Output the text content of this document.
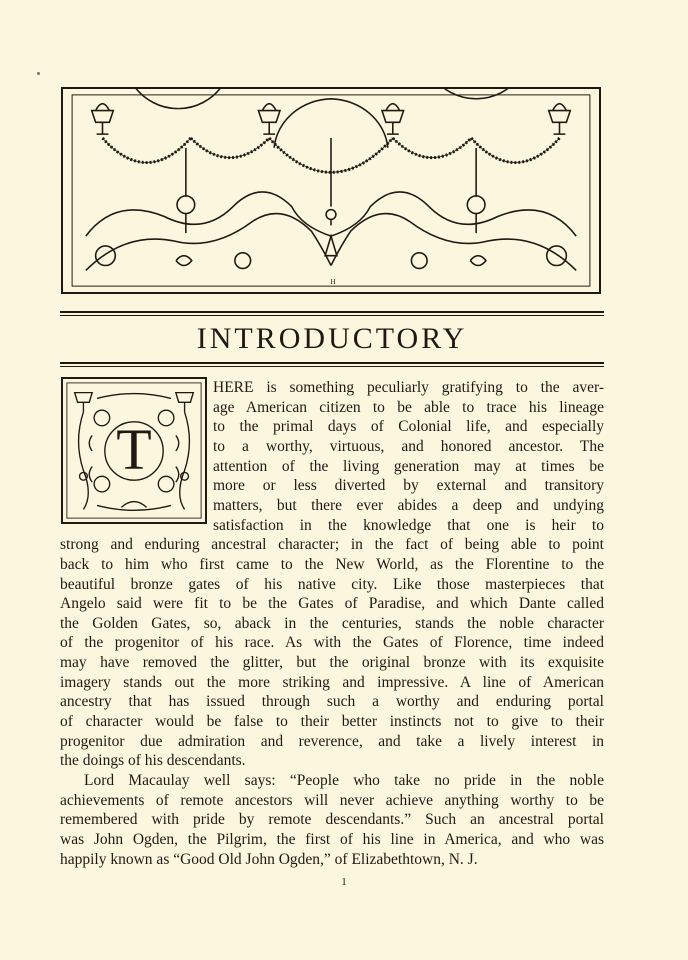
H
INTRODUCTORY
T
HERE is something peculiarly gratifying to the aver-
age American citizen to be able to trace his lineage
to the primal days of Colonial life, and especially
to a worthy, virtuous, and honored ancestor. The
attention of the living generation may at times be
more or less diverted by external and transitory
matters, but there ever abides a deep and undying
satisfaction in the knowledge that one is heir to
strong and enduring ancestral character; in the fact of being able to point
back to him who first came to the New World, as the Florentine to the
beautiful bronze gates of his native city. Like those masterpieces that
Angelo said were fit to be the Gates of Paradise, and which Dante called
the Golden Gates, so, aback in the centuries, stands the noble character
of the progenitor of his race. As with the Gates of Florence, time indeed
may have removed the glitter, but the original bronze with its exquisite
imagery stands out the more striking and impressive. A line of American
ancestry that has issued through such a worthy and enduring portal
of character would be false to their better instincts not to give to their
progenitor due admiration and reverence, and take a lively interest in
the doings of his descendants.
Lord Macaulay well says: “People who take no pride in the noble
achievements of remote ancestors will never achieve anything worthy to be
remembered with pride by remote descendants.” Such an ancestral portal
was John Ogden, the Pilgrim, the first of his line in America, and who was
happily known as “Good Old John Ogden,” of Elizabethtown, N. J.
1
